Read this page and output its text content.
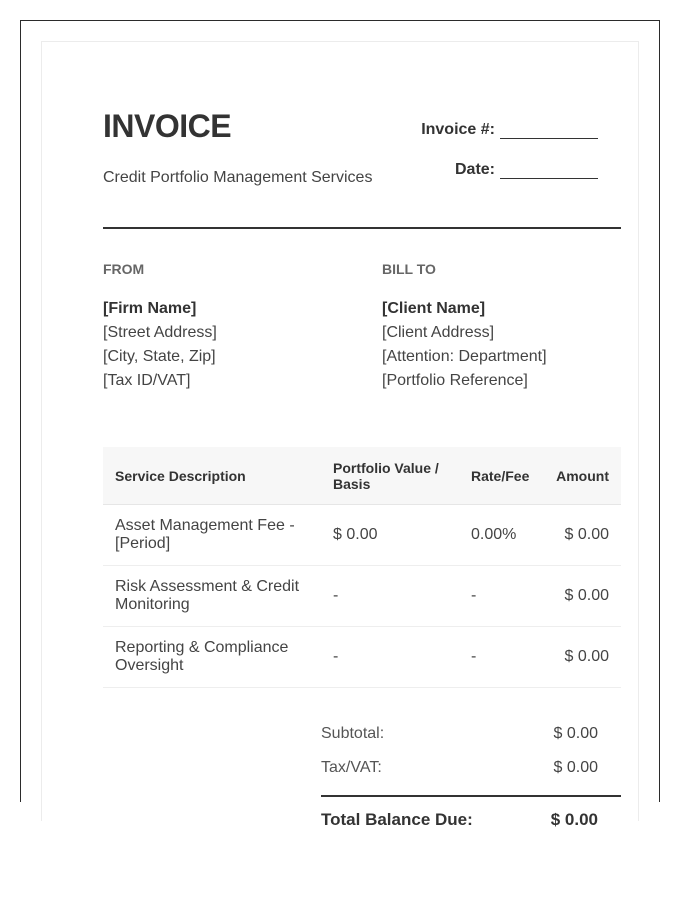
INVOICE
Credit Portfolio Management Services
Invoice #:
Date:
FROM	BILL TO
[Firm Name]
[Street Address]
[City, State, Zip]
[Tax ID/VAT]
[Client Name]
[Client Address]
[Attention: Department]
[Portfolio Reference]
Service Description	Portfolio Value / Basis	Rate/Fee	Amount
Asset Management Fee - [Period]	$ 0.00	0.00%	$ 0.00
Risk Assessment & Credit Monitoring	-	-	$ 0.00
Reporting & Compliance Oversight	-	-	$ 0.00
Subtotal:	$ 0.00
Tax/VAT:	$ 0.00
Total Balance Due:	$ 0.00
